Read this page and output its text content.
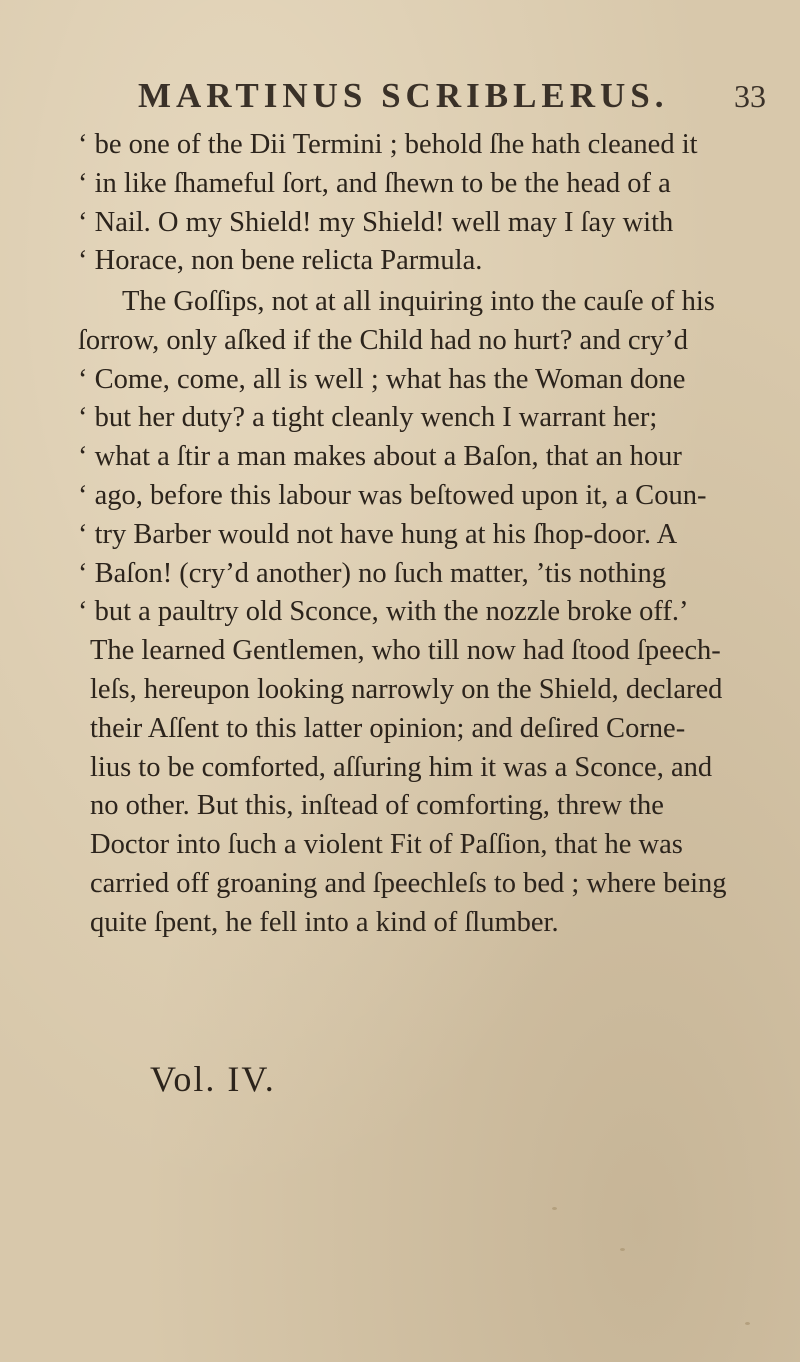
MARTINUS SCRIBLERUS. 33
‘ be one of the Dii Termini ; behold ſhe hath cleaned it
‘ in like ſhameful ſort, and ſhewn to be the head of a
‘ Nail. O my Shield! my Shield! well may I ſay with
‘ Horace, non bene relicta Parmula.
The Goſſips, not at all inquiring into the cauſe of his
ſorrow, only aſked if the Child had no hurt? and cry’d
‘ Come, come, all is well ; what has the Woman done
‘ but her duty? a tight cleanly wench I warrant her;
‘ what a ſtir a man makes about a Baſon, that an hour
‘ ago, before this labour was beſtowed upon it, a Coun-
‘ try Barber would not have hung at his ſhop-door. A
‘ Baſon! (cry’d another) no ſuch matter, ’tis nothing
‘ but a paultry old Sconce, with the nozzle broke off.’
The learned Gentlemen, who till now had ſtood ſpeech-
leſs, hereupon looking narrowly on the Shield, declared
their Aſſent to this latter opinion; and deſired Corne-
lius to be comforted, aſſuring him it was a Sconce, and
no other. But this, inſtead of comforting, threw the
Doctor into ſuch a violent Fit of Paſſion, that he was
carried off groaning and ſpeechleſs to bed ; where being
quite ſpent, he fell into a kind of ſlumber.
Vol. IV.
